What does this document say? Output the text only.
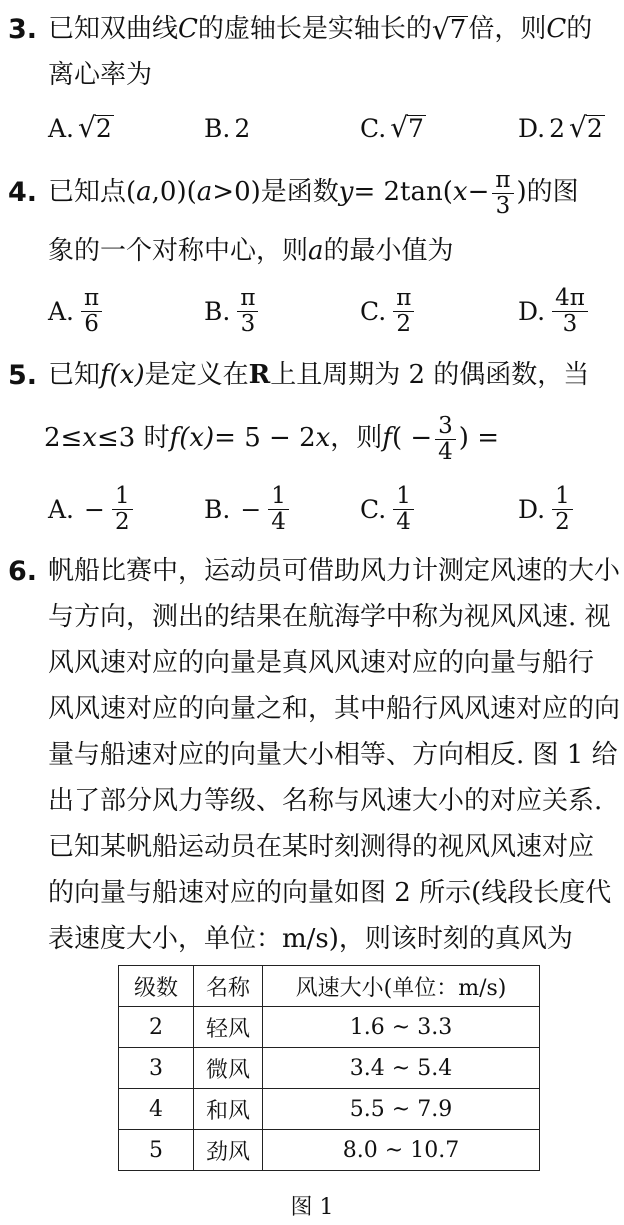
3. 已知双曲线 C 的虚轴长是实轴长的 √ 7 倍，则 C 的
离心率为
A. √ 2	B. 2	C. √ 7	D. 2 √ 2
4. 已知点( a ,0)( a >0)是函数 y = 2tan( $x - \frac{\pi}{3}$ )的图
象的一个对称中心，则 a 的最小值为
A. $\frac{\pi}{6}$	B. $\frac{\pi}{3}$	C. $\frac{\pi}{2}$	D. $\frac{4\pi}{3}$
5. 已知 f(x) 是定义在 R 上且周期为 2 的偶函数，当
2≤ x ≤3 时 f(x) = 5 − 2 x ，则 f ( − $\frac{3}{4}$ ) =
A. − $\frac{1}{2}$	B. − $\frac{1}{4}$	C. $\frac{1}{4}$	D. $\frac{1}{2}$
6. 帆船比赛中，运动员可借助风力计测定风速的大小
与方向，测出的结果在航海学中称为视风风速. 视
风风速对应的向量是真风风速对应的向量与船行
风风速对应的向量之和，其中船行风风速对应的向
量与船速对应的向量大小相等、方向相反. 图 1 给
出了部分风力等级、名称与风速大小的对应关系.
已知某帆船运动员在某时刻测得的视风风速对应
的向量与船速对应的向量如图 2 所示(线段长度代
表速度大小，单位：m/s)，则该时刻的真风为
级数	名称	风速大小(单位：m/s)
2	轻风	1.6 ~ 3.3
3	微风	3.4 ~ 5.4
4	和风	5.5 ~ 7.9
5	劲风	8.0 ~ 10.7
图 1
